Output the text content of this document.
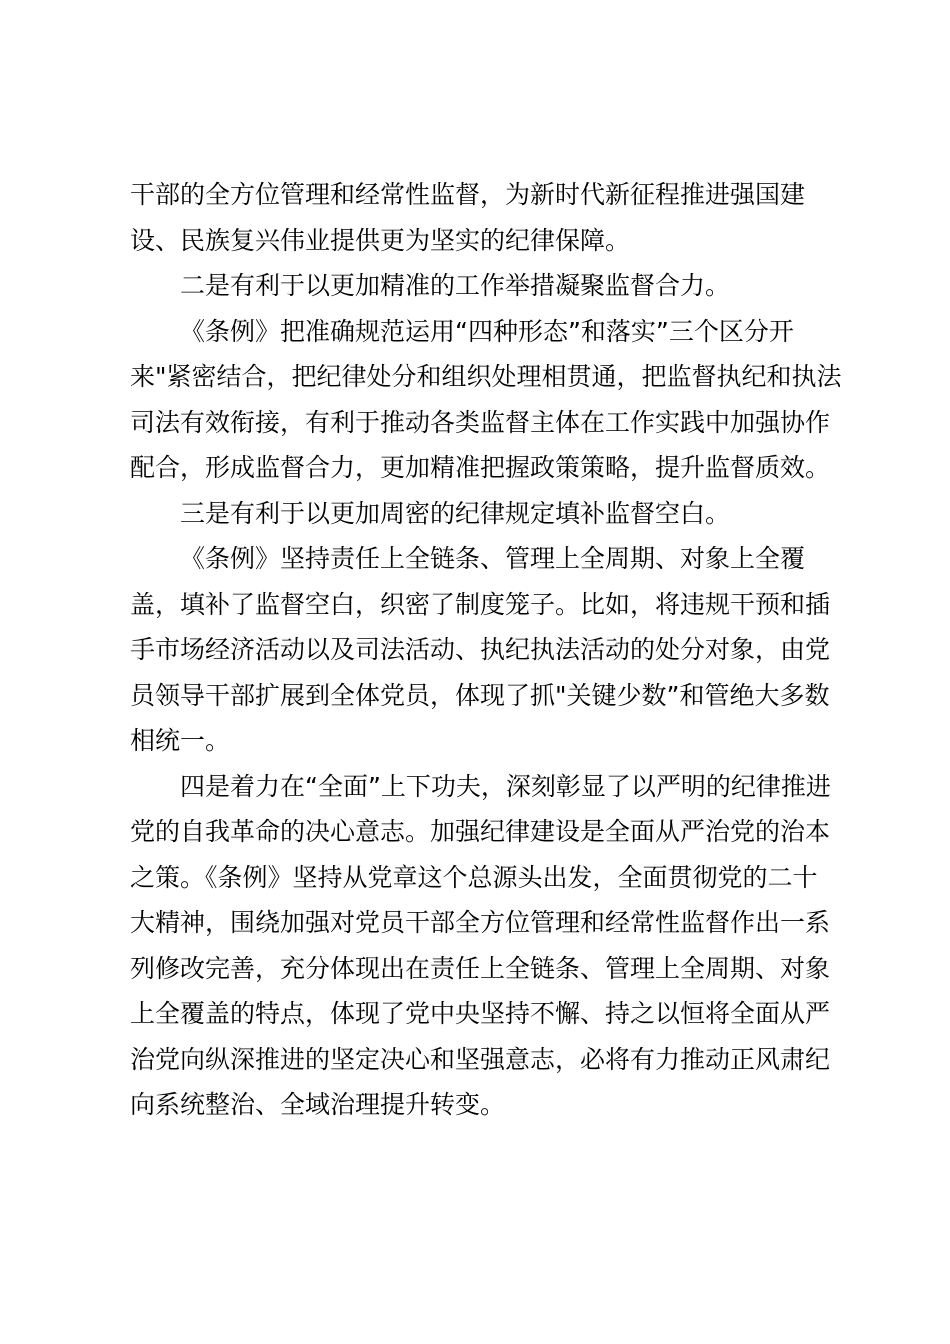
干部的全方位管理和经常性监督，为新时代新征程推进强国建
设、民族复兴伟业提供更为坚实的纪律保障。
二是有利于以更加精准的工作举措凝聚监督合力。
《条例》把准确规范运用“四种形态”和落实”三个区分开
来"紧密结合，把纪律处分和组织处理相贯通，把监督执纪和执法
司法有效衔接，有利于推动各类监督主体在工作实践中加强协作
配合，形成监督合力，更加精准把握政策策略，提升监督质效。
三是有利于以更加周密的纪律规定填补监督空白。
《条例》坚持责任上全链条、管理上全周期、对象上全覆
盖，填补了监督空白，织密了制度笼子。比如，将违规干预和插
手市场经济活动以及司法活动、执纪执法活动的处分对象，由党
员领导干部扩展到全体党员，体现了抓"关键少数”和管绝大多数
相统一。
四是着力在“全面”上下功夫，深刻彰显了以严明的纪律推进
党的自我革命的决心意志。加强纪律建设是全面从严治党的治本
之策。《条例》坚持从党章这个总源头出发，全面贯彻党的二十
大精神，围绕加强对党员干部全方位管理和经常性监督作出一系
列修改完善，充分体现出在责任上全链条、管理上全周期、对象
上全覆盖的特点，体现了党中央坚持不懈、持之以恒将全面从严
治党向纵深推进的坚定决心和坚强意志，必将有力推动正风肃纪
向系统整治、全域治理提升转变。
